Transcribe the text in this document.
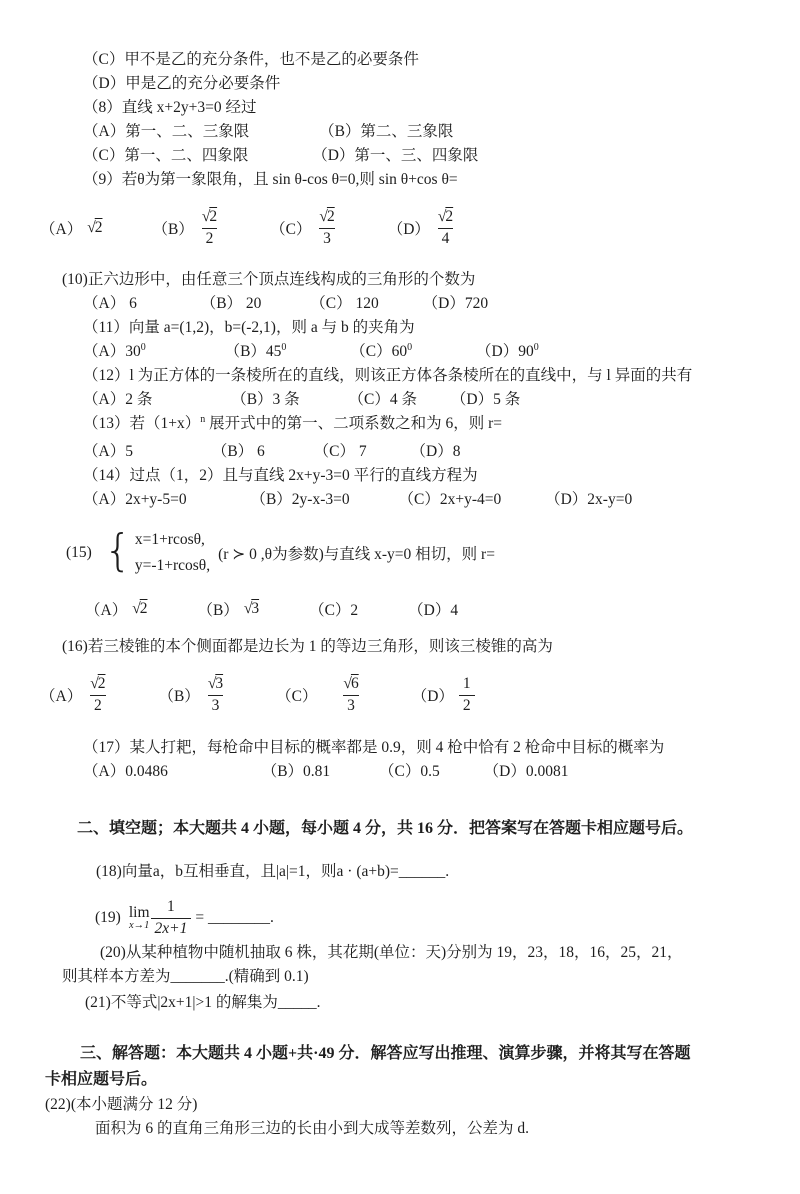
（C）甲不是乙的充分条件，也不是乙的必要条件

（D）甲是乙的充分必要条件

（8）直线 x+2y+3=0 经过

（A）第一、二、三象限	（B）第二、三象限

（C）第一、二、四象限	（D）第一、三、四象限

（9）若θ为第一象限角，且 sin θ-cos θ=0,则 sin θ+cos θ=

（A） √2	$(B) \frac{√2}{2}$	$(C) \frac{√2}{3}$	$(D) \frac{√2}{4}$

(10)正六边形中，由任意三个顶点连线构成的三角形的个数为

（A） 6	（B） 20	（C） 120	（D）720

（11）向量 a=(1,2)，b=(-2,1)，则 a 与 b 的夹角为

$(A)30^0$	$(B)45^0$	$(C)60^0$	$(D)90^0$

（12）l 为正方体的一条棱所在的直线，则该正方体各条棱所在的直线中，与 l 异面的共有

（A）2 条	（B）3 条	（C）4 条 （D）5 条

（13）若$(1+x)^n$ 展开式中的第一、二项系数之和为 6，则 r=

（A）5	（B） 6	（C） 7	（D）8

（14）过点（1，2）且与直线 2x+y-3=0 平行的直线方程为

（A）2x+y-5=0	（B）2y-x-3=0	（C）2x+y-4=0	（D）2x-y=0

(15) { x=1+rcosθ,
y=-1+rcosθ,
(r ≻ 0 ,θ为参数)与直线 x-y=0 相切，则 r=
（A） √2	（B） √3	（C）2	（D）4

(16)若三棱锥的本个侧面都是边长为 1 的等边三角形，则该三棱锥的高为

$(A) \frac{√2}{2}$	$(B) \frac{√3}{3}$	$(C) \frac{√6}{3}$	$(D) \frac{1}{2}$

（17）某人打耙，每枪命中目标的概率都是 0.9，则 4 枪中恰有 2 枪命中目标的概率为

（A）0.0486	（B）0.81	（C）0.5	（D）0.0081

二、填空题；本大题共 4 小题，每小题 4 分，共 16 分．把答案写在答题卡相应题号后。

(18)向量a，b互相垂直，且|a|=1，则a · (a+b)=______.

(19) lim
$x\to 1 \frac{1}{2x+1}$ = ________.

(20)从某种植物中随机抽取 6 株，其花期(单位：天)分别为 19，23，18，16，25，21，

则其样本方差为_______.(精确到 0.1)

(21)不等式|2x+1|>1 的解集为_____.

三、解答题：本大题共 4 小题+共·49 分．解答应写出推理、演算步骤，并将其写在答题

卡相应题号后。

(22)(本小题满分 12 分)

面积为 6 的直角三角形三边的长由小到大成等差数列，公差为 d.
